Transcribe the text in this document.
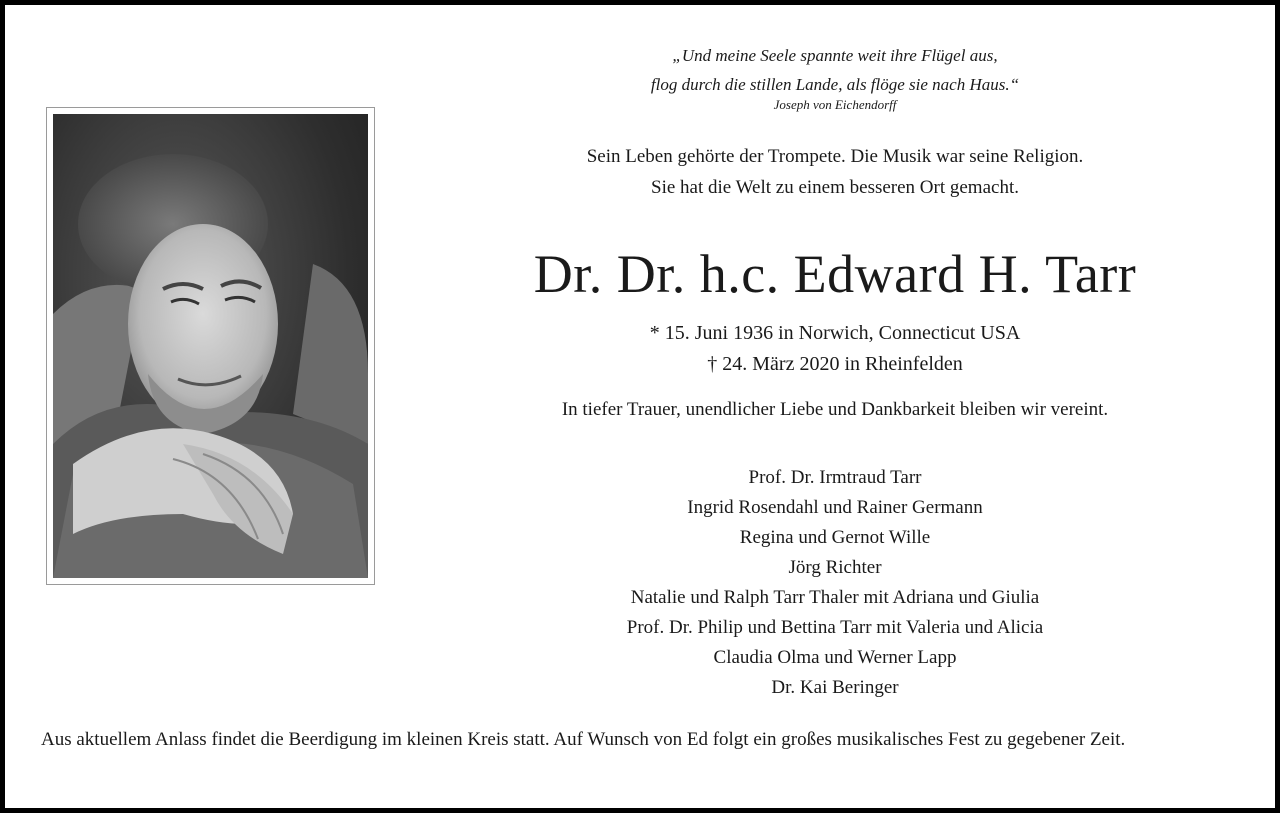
„Und meine Seele spannte weit ihre Flügel aus,
flog durch die stillen Lande, als flöge sie nach Haus.“
Joseph von Eichendorff
Sein Leben gehörte der Trompete. Die Musik war seine Religion.
Sie hat die Welt zu einem besseren Ort gemacht.
Dr. Dr. h.c. Edward H. Tarr
* 15. Juni 1936 in Norwich, Connecticut USA
† 24. März 2020 in Rheinfelden
In tiefer Trauer, unendlicher Liebe und Dankbarkeit bleiben wir vereint.
Prof. Dr. Irmtraud Tarr
Ingrid Rosendahl und Rainer Germann
Regina und Gernot Wille
Jörg Richter
Natalie und Ralph Tarr Thaler mit Adriana und Giulia
Prof. Dr. Philip und Bettina Tarr mit Valeria und Alicia
Claudia Olma und Werner Lapp
Dr. Kai Beringer
Aus aktuellem Anlass findet die Beerdigung im kleinen Kreis statt. Auf Wunsch von Ed folgt ein großes musikalisches Fest zu gegebener Zeit.
